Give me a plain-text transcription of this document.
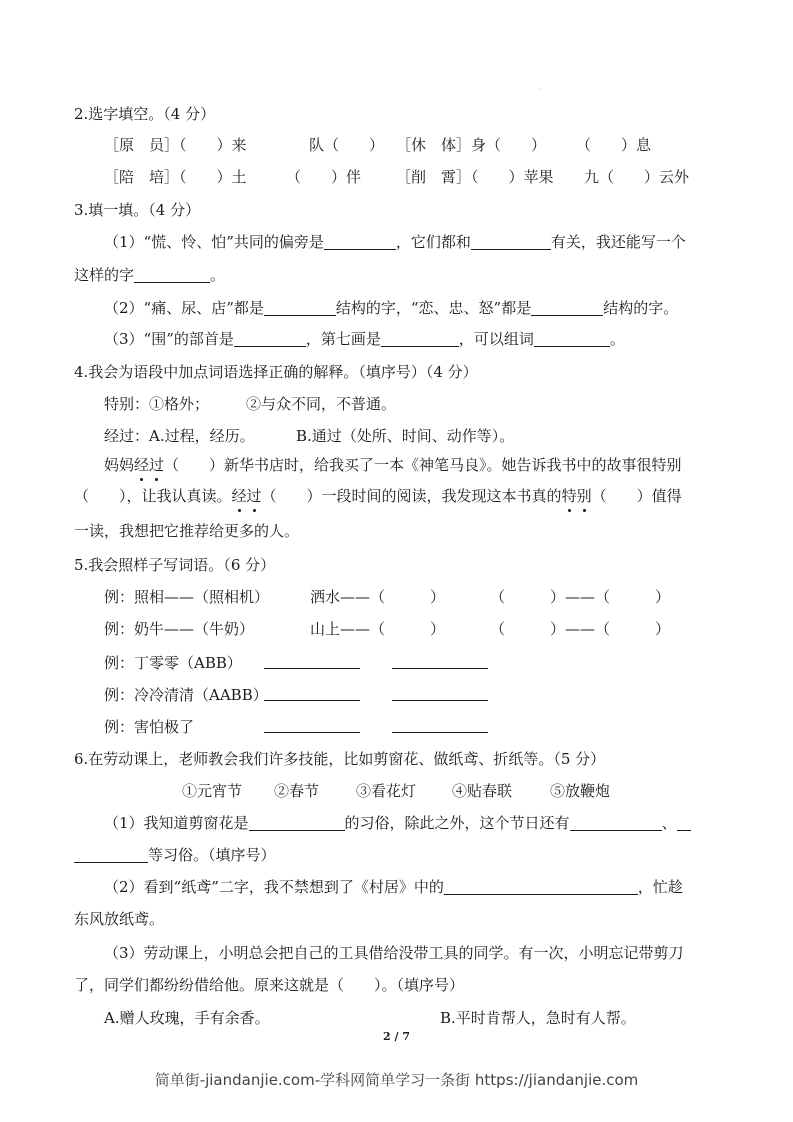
.
2.选字填空。（4 分）
［原　员］（　　）来	队（　　） ［休　体］身（　　） （　　）息
［陪　培］（　　）土	（　　）伴 ［削　霄］（　　）苹果 九（　　）云外
3.填一填。（4 分）
（1）“慌、怜、怕”共同的偏旁是	，它们都和	有关，我还能写一个
这样的字	。
（2）“痛、尿、店”都是	结构的字，“恋、忠、怒”都是	结构的字。
（3）“围”的部首是	，第七画是	，可以组词	。
4.我会为语段中加点词语选择正确的解释。（填序号）（4 分）
特别：①格外； ②与众不同，不普通。
经过：A.过程，经历。	B.通过（处所、时间、动作等）。
妈妈经过（　　）新华书店时，给我买了一本《神笔马良》。她告诉我书中的故事很特别
（　　），让我认真读。经过（　　）一段时间的阅读，我发现这本书真的特别（　　）值得
一读，我想把它推荐给更多的人。
5.我会照样子写词语。（6 分）
例：照相——（照相机）	洒水——（　　　）	（　　　）——（　　　）
例：奶牛——（牛奶）	山上——（　　　）	（　　　）——（　　　）
例：丁零零（ABB）
例：冷冷清清（AABB）
例：害怕极了
6.在劳动课上，老师教会我们许多技能，比如剪窗花、做纸鸢、折纸等。（5 分）
①元宵节 ②春节 ③看花灯 ④贴春联	⑤放鞭炮
（1）我知道剪窗花是	的习俗，除此之外，这个节日还有	、
等习俗。（填序号）
（2）看到“纸鸢”二字，我不禁想到了《村居》中的	，忙趁
东风放纸鸢。
（3）劳动课上，小明总会把自己的工具借给没带工具的同学。有一次，小明忘记带剪刀
了，同学们都纷纷借给他。原来这就是（　　）。（填序号）
A.赠人玫瑰，手有余香。	B.平时肯帮人，急时有人帮。
2 / 7
简单街-jiandanjie.com-学科网简单学习一条街 https://jiandanjie.com
